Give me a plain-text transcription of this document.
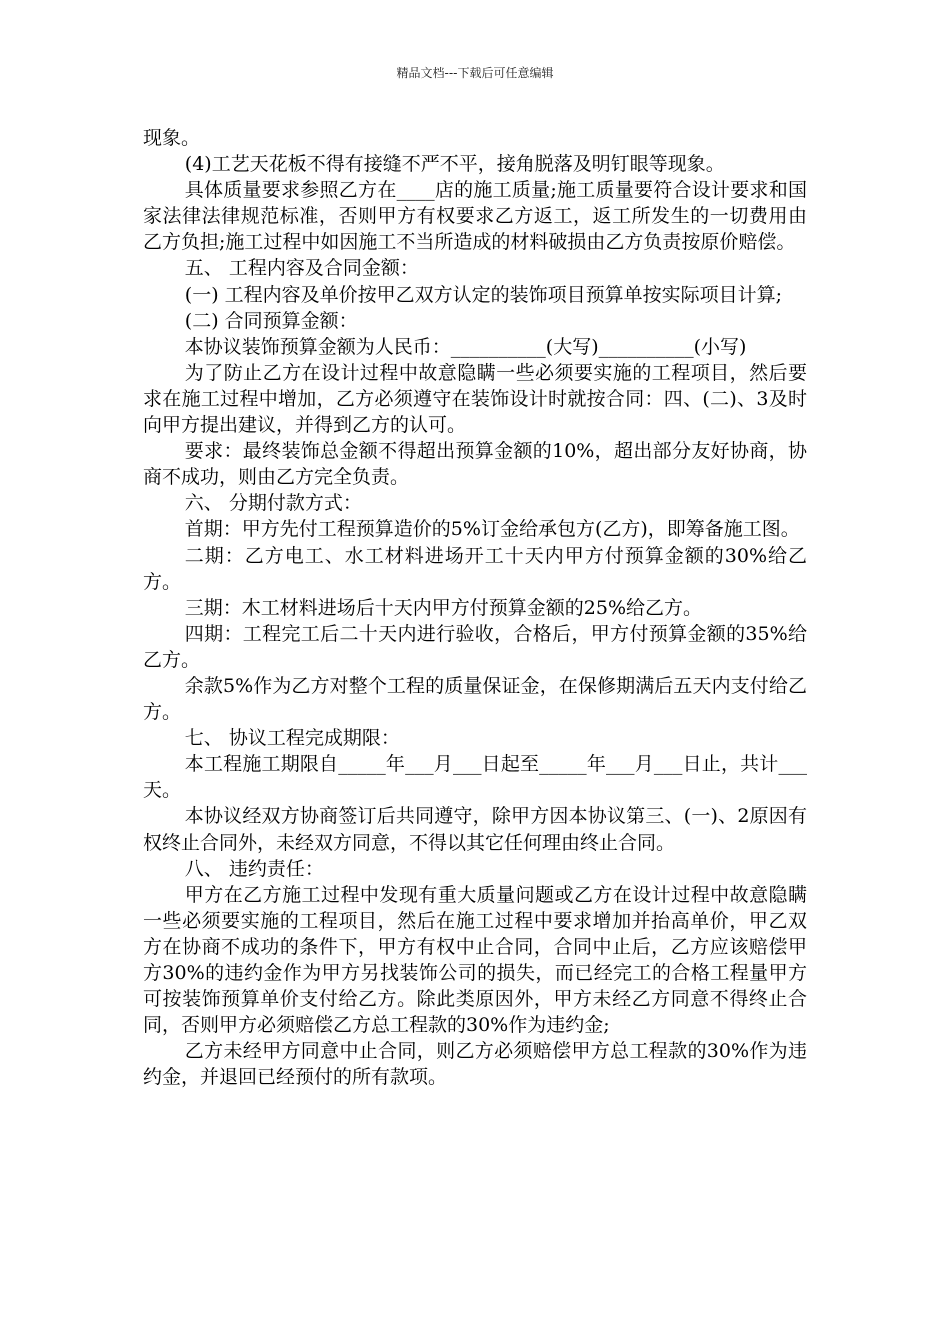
精品文档---下载后可任意编辑

现象。

(4)工艺天花板不得有接缝不严不平，接角脱落及明钉眼等现象。

具体质量要求参照乙方在____店的施工质量;施工质量要符合设计要求和国家法律法律规范标准，否则甲方有权要求乙方返工，返工所发生的一切费用由乙方负担;施工过程中如因施工不当所造成的材料破损由乙方负责按原价赔偿。

五、 工程内容及合同金额：

(一) 工程内容及单价按甲乙双方认定的装饰项目预算单按实际项目计算;

(二) 合同预算金额：

本协议装饰预算金额为人民币：__________(大写)__________(小写)

为了防止乙方在设计过程中故意隐瞒一些必须要实施的工程项目，然后要求在施工过程中增加，乙方必须遵守在装饰设计时就按合同：四、(二)、3及时向甲方提出建议，并得到乙方的认可。

要求：最终装饰总金额不得超出预算金额的10%，超出部分友好协商，协商不成功，则由乙方完全负责。

六、 分期付款方式：

首期：甲方先付工程预算造价的5%订金给承包方(乙方)，即筹备施工图。

二期：乙方电工、水工材料进场开工十天内甲方付预算金额的30%给乙方。

三期：木工材料进场后十天内甲方付预算金额的25%给乙方。

四期：工程完工后二十天内进行验收，合格后，甲方付预算金额的35%给乙方。

余款5%作为乙方对整个工程的质量保证金，在保修期满后五天内支付给乙方。

七、 协议工程完成期限：

本工程施工期限自_____年___月___日起至_____年___月___日止，共计___天。

本协议经双方协商签订后共同遵守，除甲方因本协议第三、(一)、2原因有权终止合同外，未经双方同意，不得以其它任何理由终止合同。

八、 违约责任：

甲方在乙方施工过程中发现有重大质量问题或乙方在设计过程中故意隐瞒一些必须要实施的工程项目，然后在施工过程中要求增加并抬高单价，甲乙双方在协商不成功的条件下，甲方有权中止合同，合同中止后，乙方应该赔偿甲方30%的违约金作为甲方另找装饰公司的损失，而已经完工的合格工程量甲方可按装饰预算单价支付给乙方。除此类原因外，甲方未经乙方同意不得终止合同，否则甲方必须赔偿乙方总工程款的30%作为违约金;

乙方未经甲方同意中止合同，则乙方必须赔偿甲方总工程款的30%作为违约金，并退回已经预付的所有款项。
